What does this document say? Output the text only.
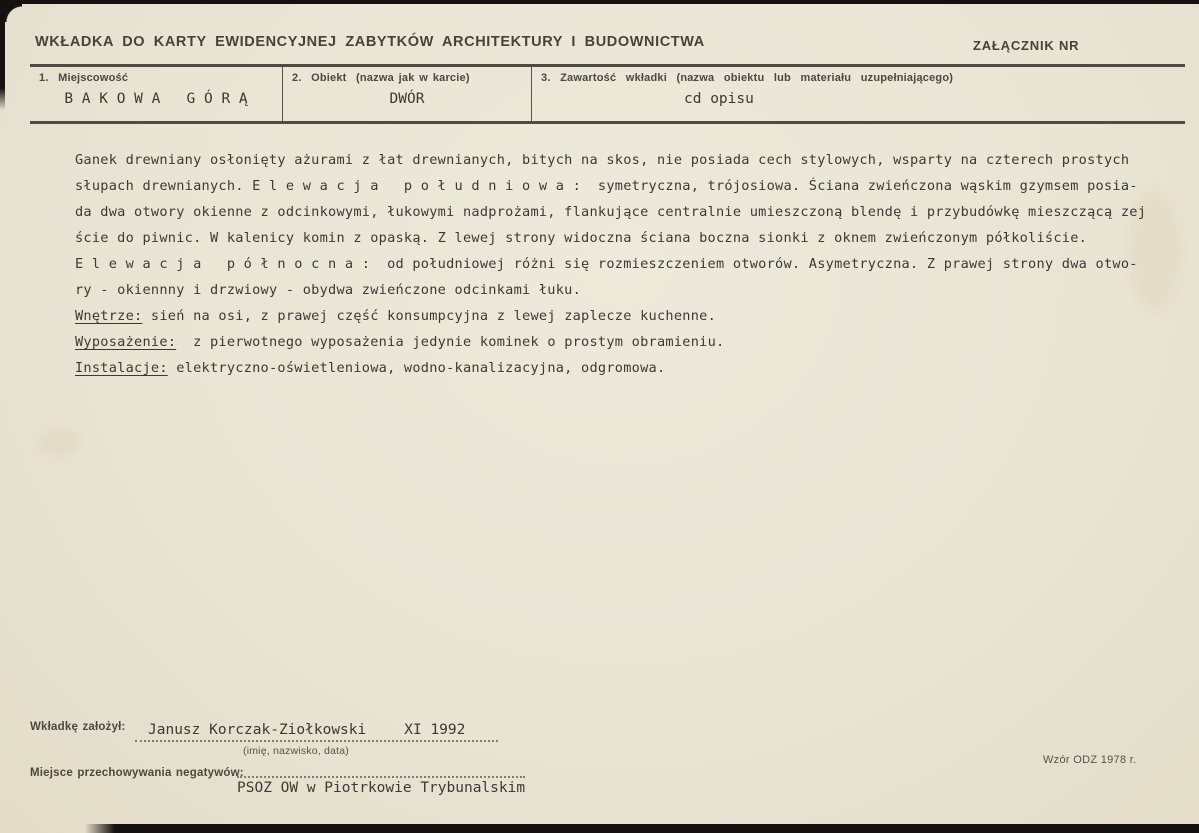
WKŁADKA DO KARTY EWIDENCYJNEJ ZABYTKÓW ARCHITEKTURY I BUDOWNICTWA	ZAŁĄCZNIK NR
1.  Miejscowość
B A K O W A   G Ó R Ą
2.  Obiekt  (nazwa jak w karcie)
DWÓR
3.  Zawartość  wkładki  (nazwa  obiektu  lub  materiału  uzupełniającego)
cd opisu
Ganek drewniany osłonięty ażurami z łat drewnianych, bitych na skos, nie posiada cech stylowych, wsparty na czterech prostych
słupach drewnianych. E l e w a c j a   p o ł u d n i o w a :  symetryczna, trójosiowa. Ściana zwieńczona wąskim gzymsem posia-
da dwa otwory okienne z odcinkowymi, łukowymi nadprożami, flankujące centralnie umieszczoną blendę i przybudówkę mieszczącą zej
ście do piwnic. W kalenicy komin z opaską. Z lewej strony widoczna ściana boczna sionki z oknem zwieńczonym półkoliście.
E l e w a c j a   p ó ł n o c n a :  od południowej różni się rozmieszczeniem otworów. Asymetryczna. Z prawej strony dwa otwo-
ry - okiennny i drzwiowy - obydwa zwieńczone odcinkami łuku.
Wnętrze: sień na osi, z prawej część konsumpcyjna z lewej zaplecze kuchenne.
Wyposażenie:  z pierwotnego wyposażenia jedynie kominek o prostym obramieniu.
Instalacje: elektryczno-oświetleniowa, wodno-kanalizacyjna, odgromowa.
Wkładkę założył:	Janusz Korczak-Ziołkowski	XI 1992
(imię, nazwisko, data)
Miejsce przechowywania negatywów:
PSOZ OW w Piotrkowie Trybunalskim
Wzór ODZ 1978 r.
